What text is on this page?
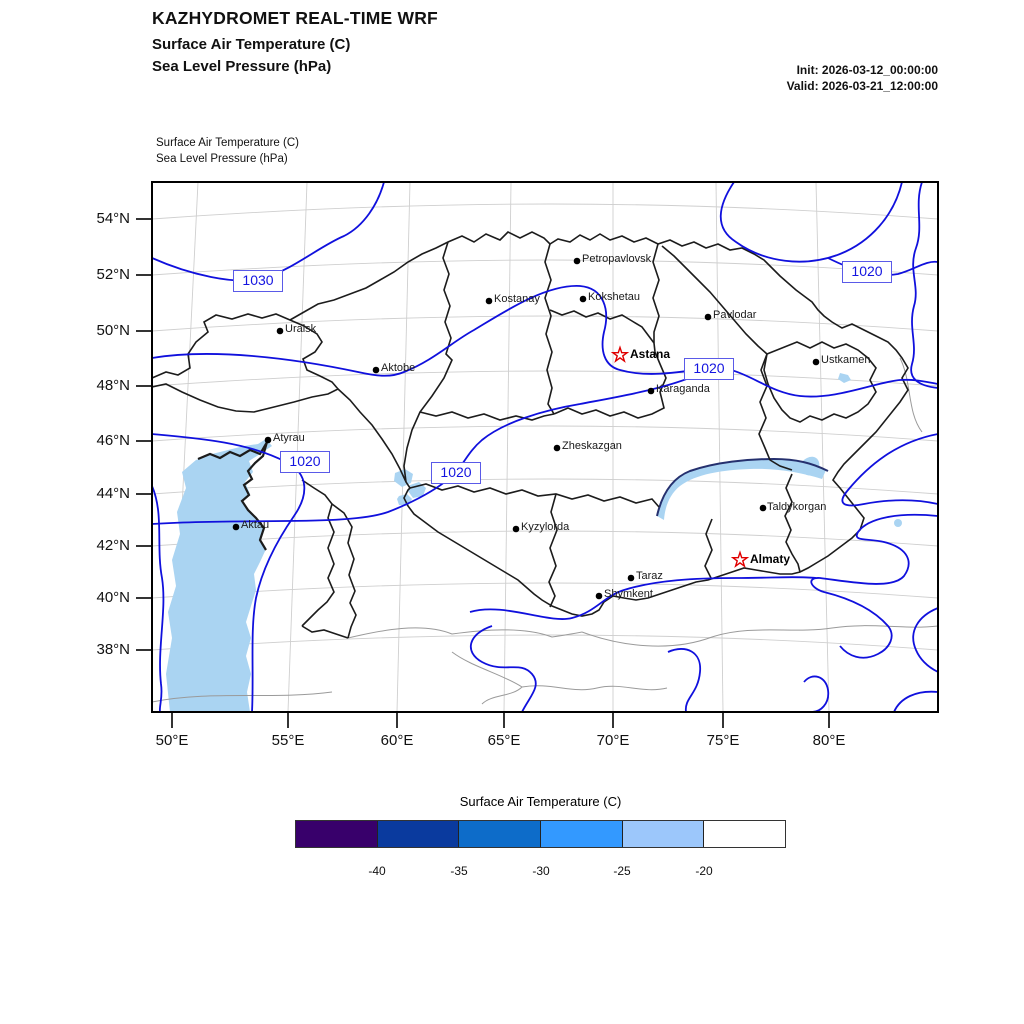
KAZHYDROMET REAL-TIME WRF
Surface Air Temperature (C)
Sea Level Pressure (hPa)	Init: 2026-03-12_00:00:00
Valid: 2026-03-21_12:00:00
Surface Air Temperature (C)
Sea Level Pressure (hPa)
54°N
52°N
50°N
48°N
46°N
44°N
42°N
40°N
38°N
50°E	55°E	60°E	65°E	70°E	75°E	80°E
1030
1020
1020
1020
1020
Uralsk
Aktobe
Kostanay
Petropavlovsk
Kokshetau
Pavlodar
Karaganda
Ustkamen
Zheskazgan
Atyrau
Aktau	Kyzylorda
Taraz
Shymkent
Taldykorgan
Astana
Almaty
Surface Air Temperature (C)
-40	-35	-30	-25	-20
